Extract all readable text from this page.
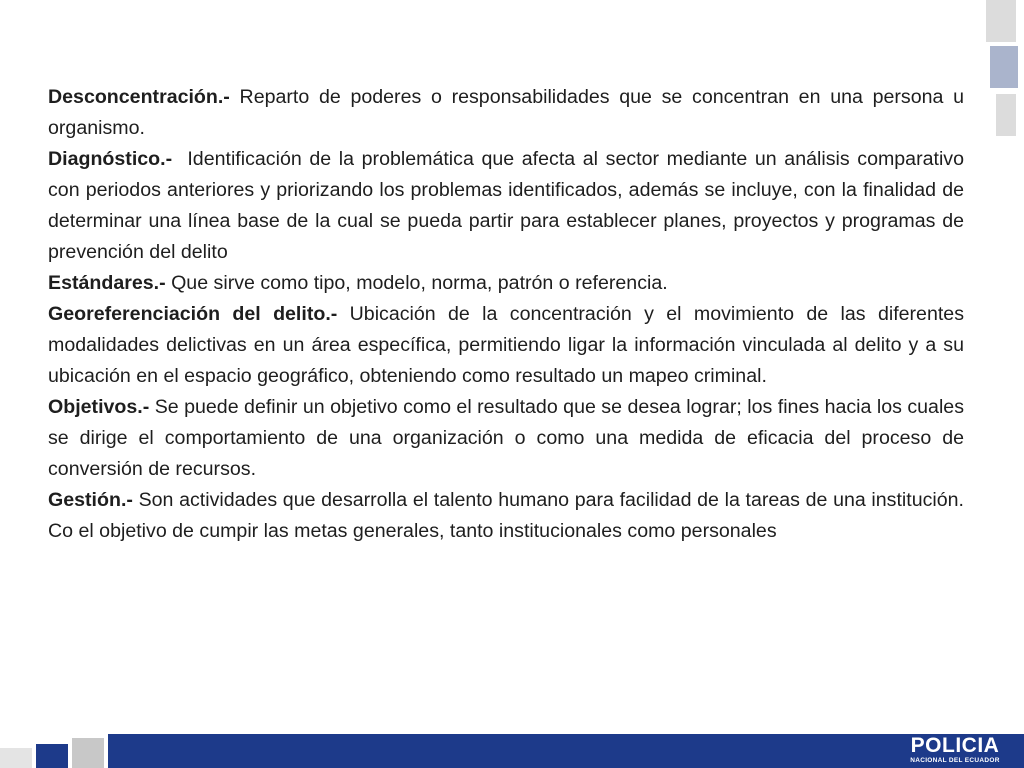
Desconcentración.- Reparto de poderes o responsabilidades que se concentran en una persona u organismo.

Diagnóstico.-  Identificación de la problemática que afecta al sector mediante un análisis comparativo con periodos anteriores y priorizando los problemas identificados, además se incluye, con la finalidad de determinar una línea base de la cual se pueda partir para establecer planes, proyectos y programas de prevención del delito

Estándares.- Que sirve como tipo, modelo, norma, patrón o referencia.

Georeferenciación del delito.- Ubicación de la concentración y el movimiento de las diferentes modalidades delictivas en un área específica, permitiendo ligar la información vinculada al delito y a su ubicación en el espacio geográfico, obteniendo como resultado un mapeo criminal.

Objetivos.- Se puede definir un objetivo como el resultado que se desea lograr; los fines hacia los cuales se dirige el comportamiento de una organización o como una medida de eficacia del proceso de conversión de recursos.

Gestión.- Son actividades que desarrolla el talento humano para facilidad de la tareas de una institución. Co el objetivo de cumpir las metas generales, tanto institucionales como personales

POLICIA
NACIONAL DEL ECUADOR
